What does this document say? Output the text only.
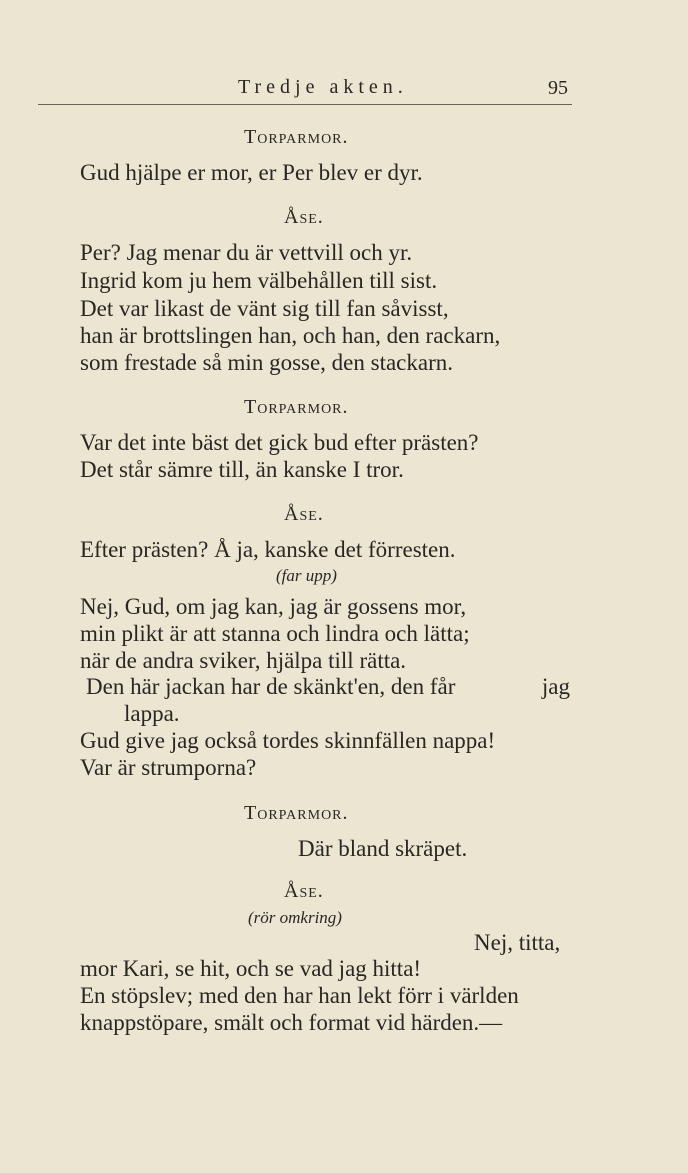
Tredje akten.	95
Torparmor.
Gud hjälpe er mor, er Per blev er dyr.
Åse.
Per? Jag menar du är vettvill och yr.
Ingrid kom ju hem välbehållen till sist.
Det var likast de vänt sig till fan såvisst,
han är brottslingen han, och han, den rackarn,
som frestade så min gosse, den stackarn.
Torparmor.
Var det inte bäst det gick bud efter prästen?
Det står sämre till, än kanske I tror.
Åse.
Efter prästen? Å ja, kanske det förresten.
(far upp)
Nej, Gud, om jag kan, jag är gossens mor,
min plikt är att stanna och lindra och lätta;
när de andra sviker, hjälpa till rätta.
Den här jackan har de skänkt'en, den får	jag
lappa.
Gud give jag också tordes skinnfällen nappa!
Var är strumporna?
Torparmor.
Där bland skräpet.
Åse.
(rör omkring)
Nej, titta,
mor Kari, se hit, och se vad jag hitta!
En stöpslev; med den har han lekt förr i världen
knappstöpare, smält och format vid härden.—
